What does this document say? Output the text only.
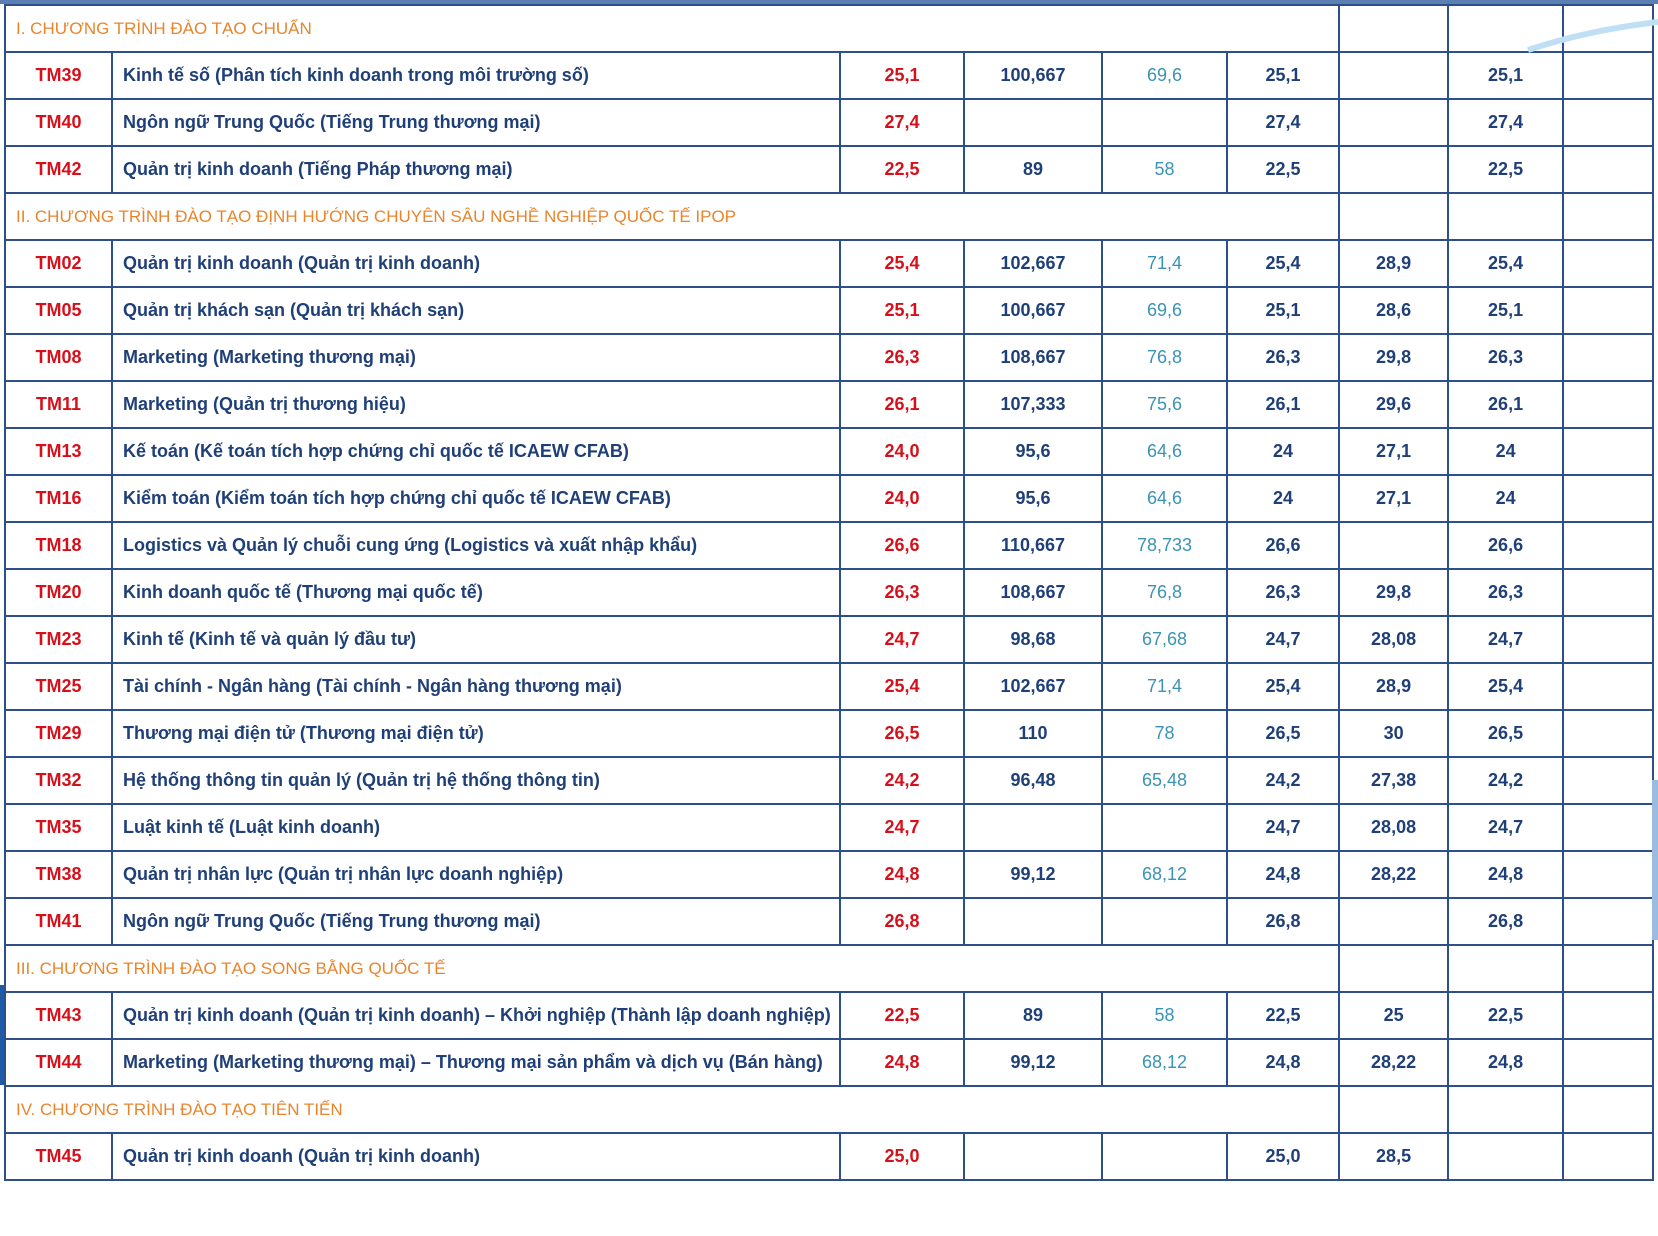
I. CHƯƠNG TRÌNH ĐÀO TẠO CHUẨN								
TM39	Kinh tế số (Phân tích kinh doanh trong môi trường số)	25,1	100,667	69,6	25,1		25,1	
TM40	Ngôn ngữ Trung Quốc (Tiếng Trung thương mại)	27,4			27,4		27,4	
TM42	Quản trị kinh doanh (Tiếng Pháp thương mại)	22,5	89	58	22,5		22,5	
II. CHƯƠNG TRÌNH ĐÀO TẠO ĐỊNH HƯỚNG CHUYÊN SÂU NGHỀ NGHIỆP QUỐC TẾ IPOP								
TM02	Quản trị kinh doanh (Quản trị kinh doanh)	25,4	102,667	71,4	25,4	28,9	25,4	
TM05	Quản trị khách sạn (Quản trị khách sạn)	25,1	100,667	69,6	25,1	28,6	25,1	
TM08	Marketing (Marketing thương mại)	26,3	108,667	76,8	26,3	29,8	26,3	
TM11	Marketing (Quản trị thương hiệu)	26,1	107,333	75,6	26,1	29,6	26,1	
TM13	Kế toán (Kế toán tích hợp chứng chỉ quốc tế ICAEW CFAB)	24,0	95,6	64,6	24	27,1	24	
TM16	Kiểm toán (Kiểm toán tích hợp chứng chỉ quốc tế ICAEW CFAB)	24,0	95,6	64,6	24	27,1	24	
TM18	Logistics và Quản lý chuỗi cung ứng (Logistics và xuất nhập khẩu)	26,6	110,667	78,733	26,6		26,6	
TM20	Kinh doanh quốc tế (Thương mại quốc tế)	26,3	108,667	76,8	26,3	29,8	26,3	
TM23	Kinh tế (Kinh tế và quản lý đầu tư)	24,7	98,68	67,68	24,7	28,08	24,7	
TM25	Tài chính - Ngân hàng (Tài chính - Ngân hàng thương mại)	25,4	102,667	71,4	25,4	28,9	25,4	
TM29	Thương mại điện tử (Thương mại điện tử)	26,5	110	78	26,5	30	26,5	
TM32	Hệ thống thông tin quản lý (Quản trị hệ thống thông tin)	24,2	96,48	65,48	24,2	27,38	24,2	
TM35	Luật kinh tế (Luật kinh doanh)	24,7			24,7	28,08	24,7	
TM38	Quản trị nhân lực (Quản trị nhân lực doanh nghiệp)	24,8	99,12	68,12	24,8	28,22	24,8	
TM41	Ngôn ngữ Trung Quốc (Tiếng Trung thương mại)	26,8			26,8		26,8	
III. CHƯƠNG TRÌNH ĐÀO TẠO SONG BẰNG QUỐC TẾ								
TM43	Quản trị kinh doanh (Quản trị kinh doanh) – Khởi nghiệp (Thành lập doanh nghiệp)	22,5	89	58	22,5	25	22,5	
TM44	Marketing (Marketing thương mại) – Thương mại sản phẩm và dịch vụ (Bán hàng)	24,8	99,12	68,12	24,8	28,22	24,8	
IV. CHƯƠNG TRÌNH ĐÀO TẠO TIÊN TIẾN								
TM45	Quản trị kinh doanh (Quản trị kinh doanh)	25,0			25,0	28,5		
